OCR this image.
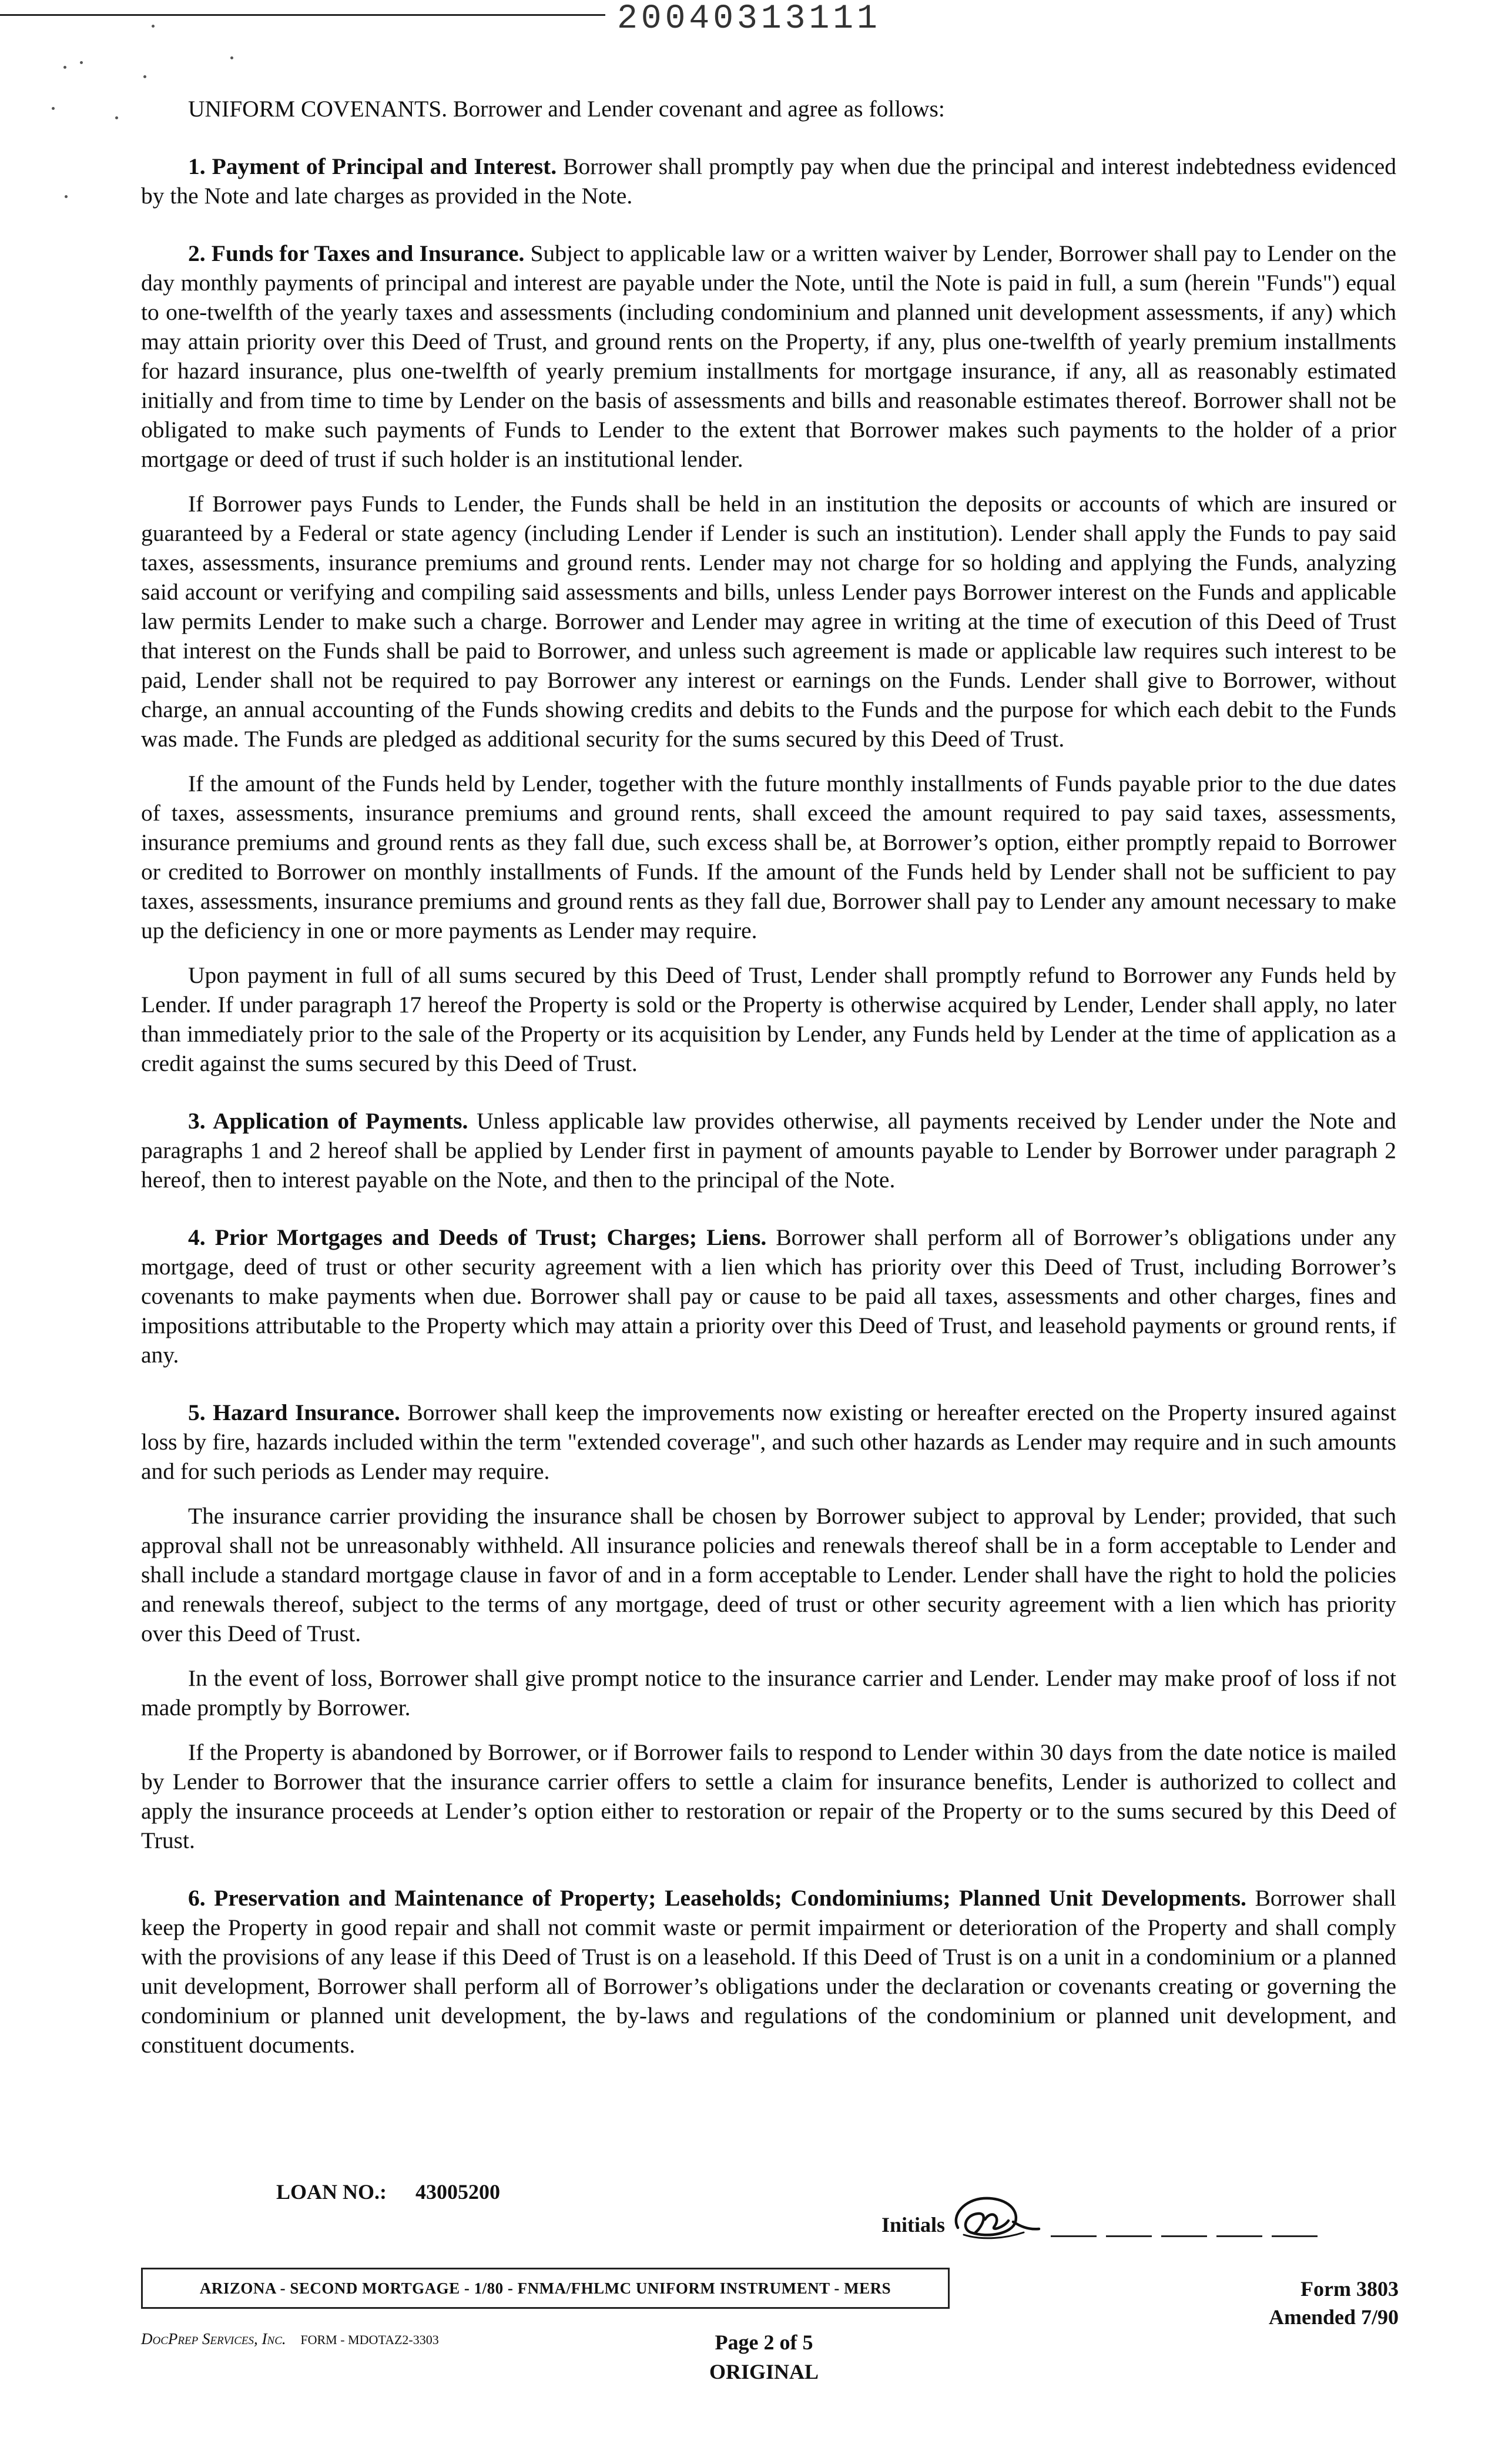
20040313111
UNIFORM COVENANTS. Borrower and Lender covenant and agree as follows:

1. Payment of Principal and Interest. Borrower shall promptly pay when due the principal and interest indebtedness evidenced by the Note and late charges as provided in the Note.

2. Funds for Taxes and Insurance. Subject to applicable law or a written waiver by Lender, Borrower shall pay to Lender on the day monthly payments of principal and interest are payable under the Note, until the Note is paid in full, a sum (herein "Funds") equal to one-twelfth of the yearly taxes and assessments (including condominium and planned unit development assessments, if any) which may attain priority over this Deed of Trust, and ground rents on the Property, if any, plus one-twelfth of yearly premium installments for hazard insurance, plus one-twelfth of yearly premium installments for mortgage insurance, if any, all as reasonably estimated initially and from time to time by Lender on the basis of assessments and bills and reasonable estimates thereof. Borrower shall not be obligated to make such payments of Funds to Lender to the extent that Borrower makes such payments to the holder of a prior mortgage or deed of trust if such holder is an institutional lender.

If Borrower pays Funds to Lender, the Funds shall be held in an institution the deposits or accounts of which are insured or guaranteed by a Federal or state agency (including Lender if Lender is such an institution). Lender shall apply the Funds to pay said taxes, assessments, insurance premiums and ground rents. Lender may not charge for so holding and applying the Funds, analyzing said account or verifying and compiling said assessments and bills, unless Lender pays Borrower interest on the Funds and applicable law permits Lender to make such a charge. Borrower and Lender may agree in writing at the time of execution of this Deed of Trust that interest on the Funds shall be paid to Borrower, and unless such agreement is made or applicable law requires such interest to be paid, Lender shall not be required to pay Borrower any interest or earnings on the Funds. Lender shall give to Borrower, without charge, an annual accounting of the Funds showing credits and debits to the Funds and the purpose for which each debit to the Funds was made. The Funds are pledged as additional security for the sums secured by this Deed of Trust.

If the amount of the Funds held by Lender, together with the future monthly installments of Funds payable prior to the due dates of taxes, assessments, insurance premiums and ground rents, shall exceed the amount required to pay said taxes, assessments, insurance premiums and ground rents as they fall due, such excess shall be, at Borrower’s option, either promptly repaid to Borrower or credited to Borrower on monthly installments of Funds. If the amount of the Funds held by Lender shall not be sufficient to pay taxes, assessments, insurance premiums and ground rents as they fall due, Borrower shall pay to Lender any amount necessary to make up the deficiency in one or more payments as Lender may require.

Upon payment in full of all sums secured by this Deed of Trust, Lender shall promptly refund to Borrower any Funds held by Lender. If under paragraph 17 hereof the Property is sold or the Property is otherwise acquired by Lender, Lender shall apply, no later than immediately prior to the sale of the Property or its acquisition by Lender, any Funds held by Lender at the time of application as a credit against the sums secured by this Deed of Trust.

3. Application of Payments. Unless applicable law provides otherwise, all payments received by Lender under the Note and paragraphs 1 and 2 hereof shall be applied by Lender first in payment of amounts payable to Lender by Borrower under paragraph 2 hereof, then to interest payable on the Note, and then to the principal of the Note.

4. Prior Mortgages and Deeds of Trust; Charges; Liens. Borrower shall perform all of Borrower’s obligations under any mortgage, deed of trust or other security agreement with a lien which has priority over this Deed of Trust, including Borrower’s covenants to make payments when due. Borrower shall pay or cause to be paid all taxes, assessments and other charges, fines and impositions attributable to the Property which may attain a priority over this Deed of Trust, and leasehold payments or ground rents, if any.

5. Hazard Insurance. Borrower shall keep the improvements now existing or hereafter erected on the Property insured against loss by fire, hazards included within the term "extended coverage", and such other hazards as Lender may require and in such amounts and for such periods as Lender may require.

The insurance carrier providing the insurance shall be chosen by Borrower subject to approval by Lender; provided, that such approval shall not be unreasonably withheld. All insurance policies and renewals thereof shall be in a form acceptable to Lender and shall include a standard mortgage clause in favor of and in a form acceptable to Lender. Lender shall have the right to hold the policies and renewals thereof, subject to the terms of any mortgage, deed of trust or other security agreement with a lien which has priority over this Deed of Trust.

In the event of loss, Borrower shall give prompt notice to the insurance carrier and Lender. Lender may make proof of loss if not made promptly by Borrower.

If the Property is abandoned by Borrower, or if Borrower fails to respond to Lender within 30 days from the date notice is mailed by Lender to Borrower that the insurance carrier offers to settle a claim for insurance benefits, Lender is authorized to collect and apply the insurance proceeds at Lender’s option either to restoration or repair of the Property or to the sums secured by this Deed of Trust.

6. Preservation and Maintenance of Property; Leaseholds; Condominiums; Planned Unit Developments. Borrower shall keep the Property in good repair and shall not commit waste or permit impairment or deterioration of the Property and shall comply with the provisions of any lease if this Deed of Trust is on a leasehold. If this Deed of Trust is on a unit in a condominium or a planned unit development, Borrower shall perform all of Borrower’s obligations under the declaration or covenants creating or governing the condominium or planned unit development, the by-laws and regulations of the condominium or planned unit development, and constituent documents.

LOAN NO.: 43005200
Initials
ARIZONA - SECOND MORTGAGE - 1/80 - FNMA/FHLMC UNIFORM INSTRUMENT - MERS	Form 3803
Amended 7/90
DocPrep Services, Inc. FORM - MDOTAZ2-3303	Page 2 of 5
ORIGINAL
